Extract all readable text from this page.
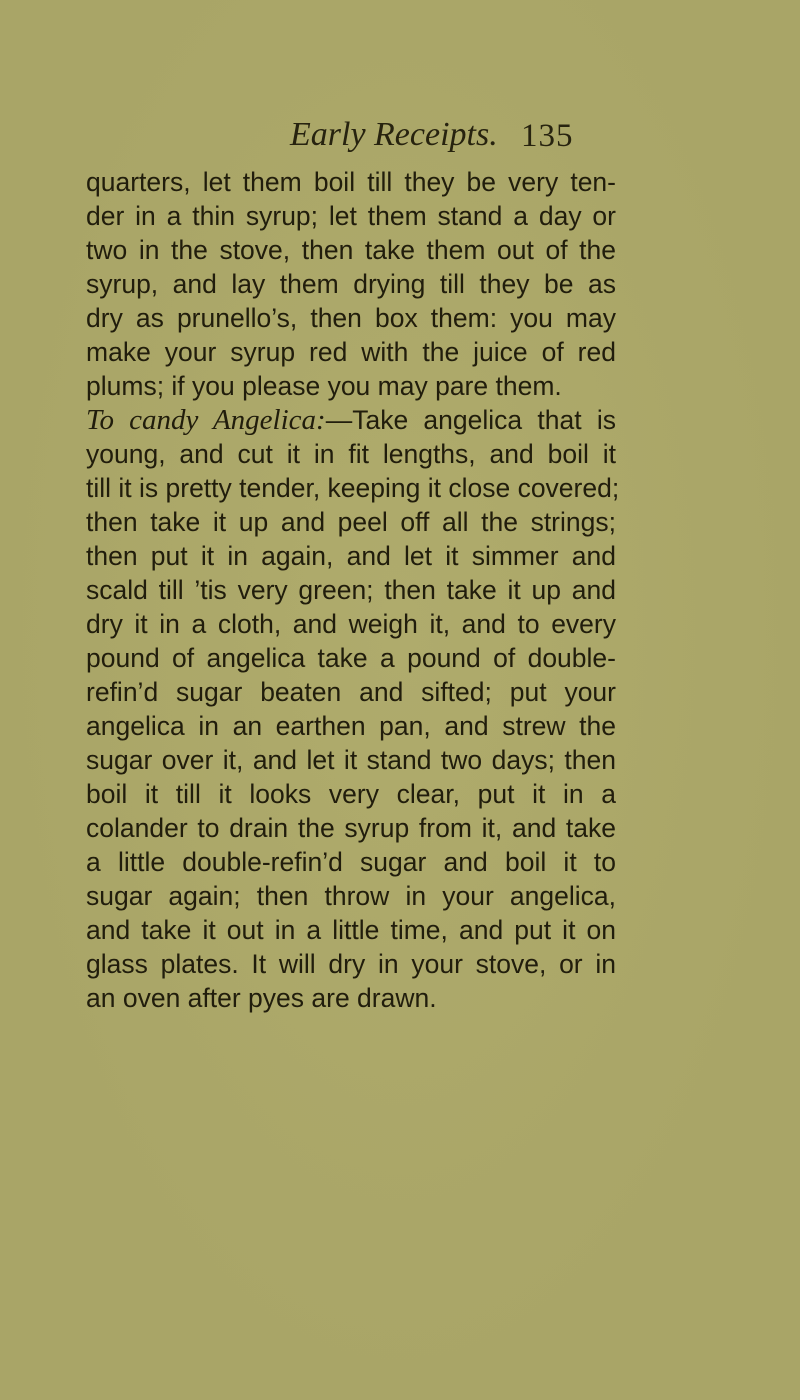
Early Receipts. 135
quarters, let them boil till they be very ten-
der in a thin syrup; let them stand a day or
two in the stove, then take them out of the
syrup, and lay them drying till they be as
dry as prunello’s, then box them: you may
make your syrup red with the juice of red
plums; if you please you may pare them.
To candy Angelica:—Take angelica that is
young, and cut it in fit lengths, and boil it
till it is pretty tender, keeping it close covered;
then take it up and peel off all the strings;
then put it in again, and let it simmer and
scald till ’tis very green; then take it up and
dry it in a cloth, and weigh it, and to every
pound of angelica take a pound of double-
refin’d sugar beaten and sifted; put your
angelica in an earthen pan, and strew the
sugar over it, and let it stand two days; then
boil it till it looks very clear, put it in a
colander to drain the syrup from it, and take
a little double-refin’d sugar and boil it to
sugar again; then throw in your angelica,
and take it out in a little time, and put it on
glass plates. It will dry in your stove, or in
an oven after pyes are drawn.
